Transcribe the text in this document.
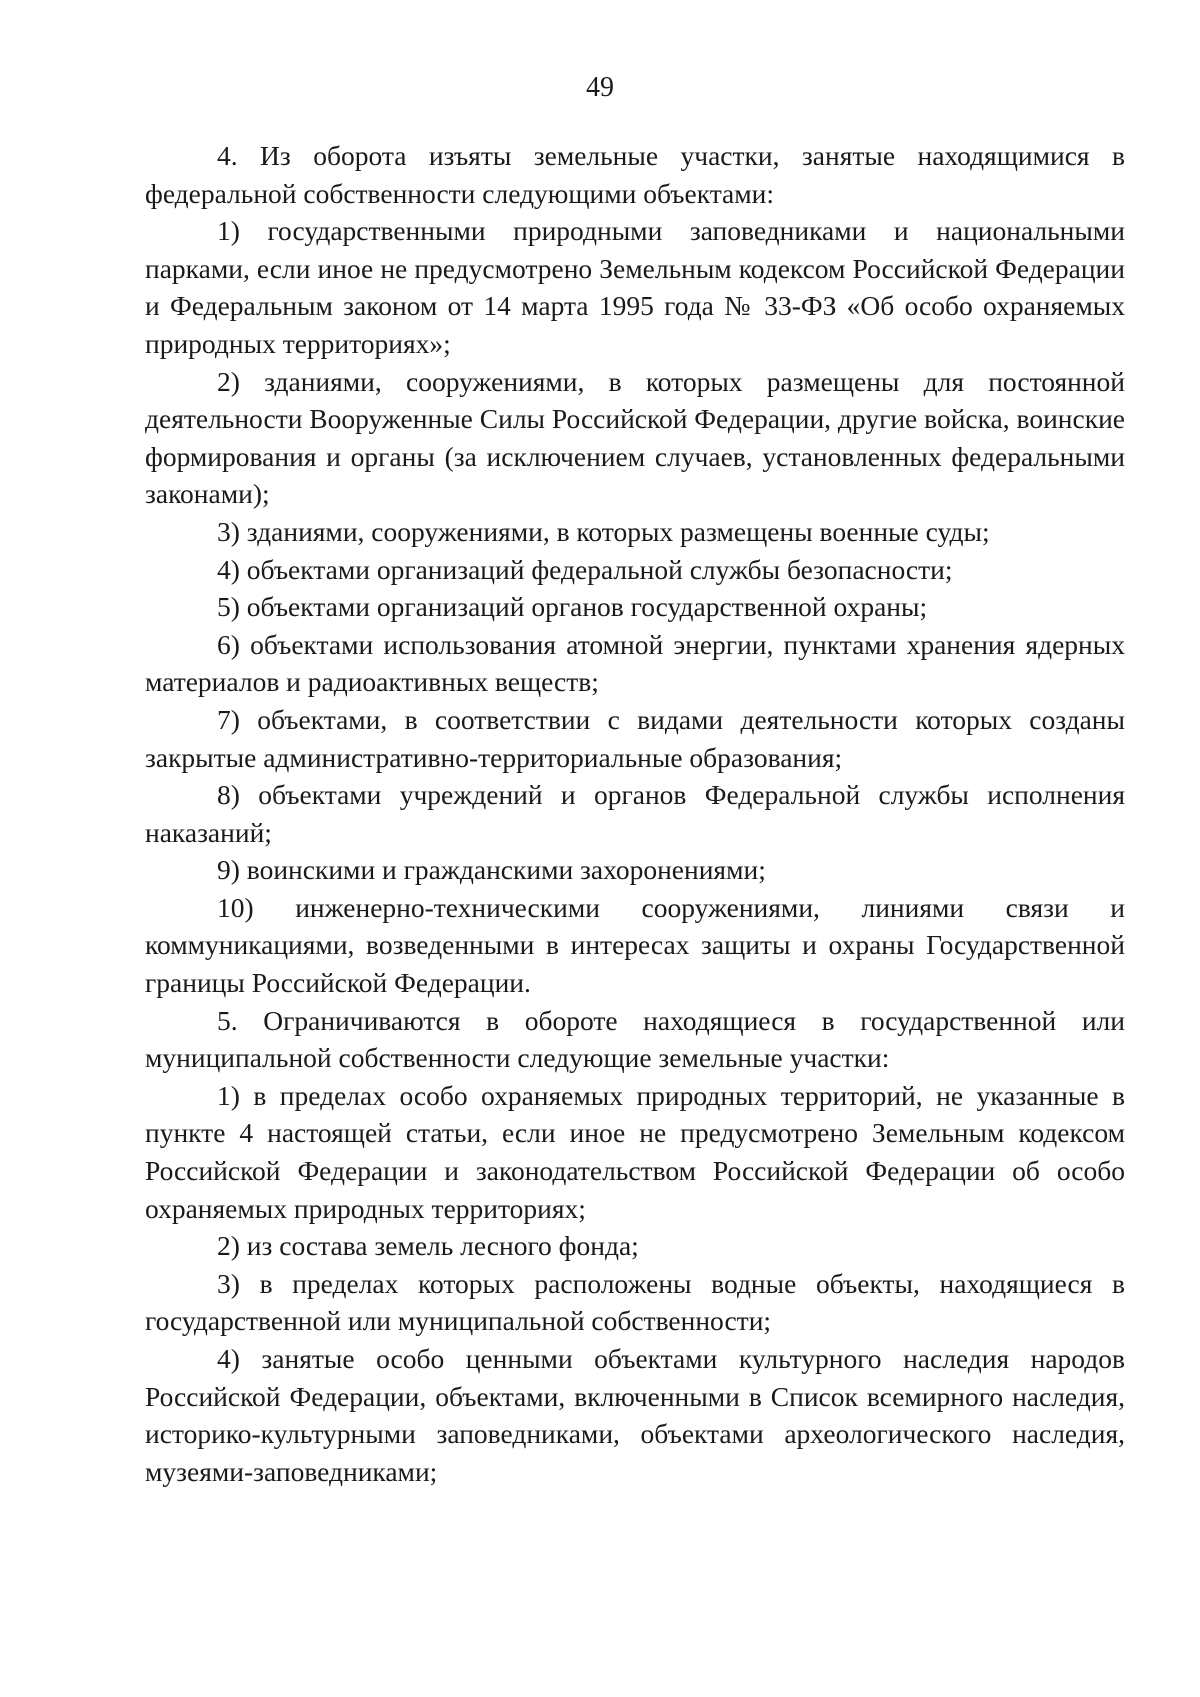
49

4. Из оборота изъяты земельные участки, занятые находящимися в федеральной собственности следующими объектами:

1) государственными природными заповедниками и национальными парками, если иное не предусмотрено Земельным кодексом Российской Федерации и Федеральным законом от 14 марта 1995 года № 33-ФЗ «Об особо охраняемых природных территориях»;

2) зданиями, сооружениями, в которых размещены для постоянной деятельности Вооруженные Силы Российской Федерации, другие войска, воинские формирования и органы (за исключением случаев, установленных федеральными законами);

3) зданиями, сооружениями, в которых размещены военные суды;

4) объектами организаций федеральной службы безопасности;

5) объектами организаций органов государственной охраны;

6) объектами использования атомной энергии, пунктами хранения ядерных материалов и радиоактивных веществ;

7) объектами, в соответствии с видами деятельности которых созданы закрытые административно-территориальные образования;

8) объектами учреждений и органов Федеральной службы исполнения наказаний;

9) воинскими и гражданскими захоронениями;

10) инженерно-техническими сооружениями, линиями связи и коммуникациями, возведенными в интересах защиты и охраны Государственной границы Российской Федерации.

5. Ограничиваются в обороте находящиеся в государственной или муниципальной собственности следующие земельные участки:

1) в пределах особо охраняемых природных территорий, не указанные в пункте 4 настоящей статьи, если иное не предусмотрено Земельным кодексом Российской Федерации и законодательством Российской Федерации об особо охраняемых природных территориях;

2) из состава земель лесного фонда;

3) в пределах которых расположены водные объекты, находящиеся в государственной или муниципальной собственности;

4) занятые особо ценными объектами культурного наследия народов Российской Федерации, объектами, включенными в Список всемирного наследия, историко-культурными заповедниками, объектами археологического наследия, музеями-заповедниками;
